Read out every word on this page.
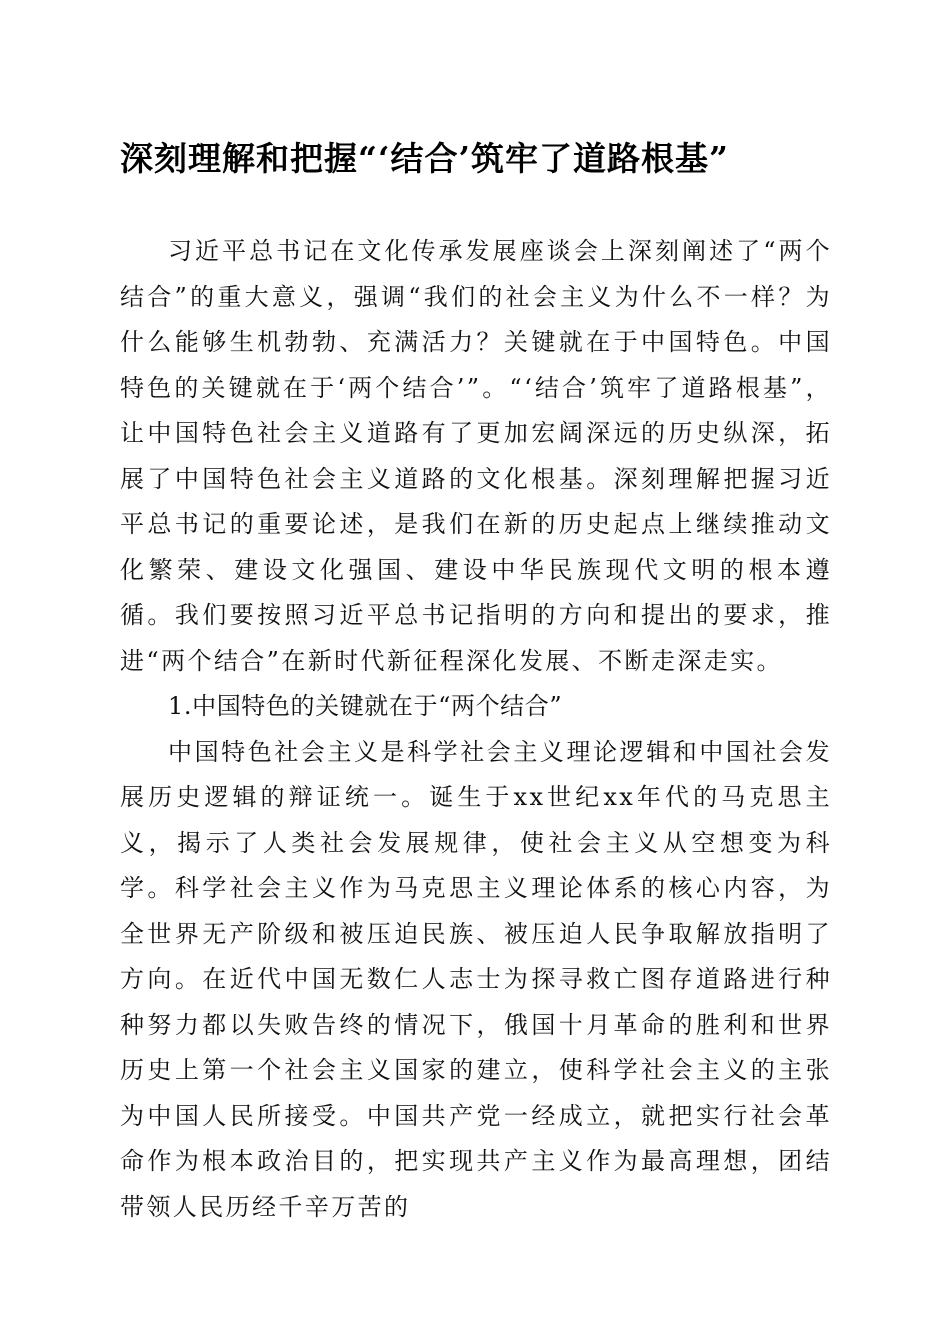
深刻理解和把握“‘结合’筑牢了道路根基”

习近平总书记在文化传承发展座谈会上深刻阐述了“两个结合”的重大意义，强调“我们的社会主义为什么不一样？为什么能够生机勃勃、充满活力？关键就在于中国特色。中国特色的关键就在于‘两个结合’”。“‘结合’筑牢了道路根基”，让中国特色社会主义道路有了更加宏阔深远的历史纵深，拓展了中国特色社会主义道路的文化根基。深刻理解把握习近平总书记的重要论述，是我们在新的历史起点上继续推动文化繁荣、建设文化强国、建设中华民族现代文明的根本遵循。我们要按照习近平总书记指明的方向和提出的要求，推进“两个结合”在新时代新征程深化发展、不断走深走实。

1.中国特色的关键就在于“两个结合”

中国特色社会主义是科学社会主义理论逻辑和中国社会发展历史逻辑的辩证统一。诞生于xx世纪xx年代的马克思主义，揭示了人类社会发展规律，使社会主义从空想变为科学。科学社会主义作为马克思主义理论体系的核心内容，为全世界无产阶级和被压迫民族、被压迫人民争取解放指明了方向。在近代中国无数仁人志士为探寻救亡图存道路进行种种努力都以失败告终的情况下，俄国十月革命的胜利和世界历史上第一个社会主义国家的建立，使科学社会主义的主张为中国人民所接受。中国共产党一经成立，就把实行社会革命作为根本政治目的，把实现共产主义作为最高理想，团结带领人民历经千辛万苦的
